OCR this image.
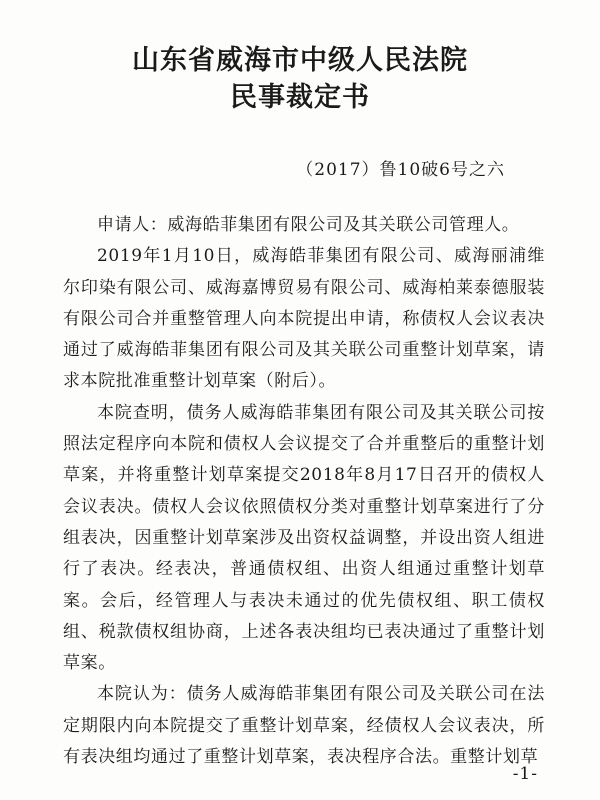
山东省威海市中级人民法院
民事裁定书
（2017）鲁10破6号之六

申请人：威海皓菲集团有限公司及其关联公司管理人。

2019年1月10日，威海皓菲集团有限公司、威海丽浦维尔印染有限公司、威海嘉博贸易有限公司、威海柏莱泰德服装有限公司合并重整管理人向本院提出申请，称债权人会议表决通过了威海皓菲集团有限公司及其关联公司重整计划草案，请求本院批准重整计划草案（附后）。

本院查明，债务人威海皓菲集团有限公司及其关联公司按照法定程序向本院和债权人会议提交了合并重整后的重整计划草案，并将重整计划草案提交2018年8月17日召开的债权人会议表决。债权人会议依照债权分类对重整计划草案进行了分组表决，因重整计划草案涉及出资权益调整，并设出资人组进行了表决。经表决，普通债权组、出资人组通过重整计划草案。会后，经管理人与表决未通过的优先债权组、职工债权组、税款债权组协商，上述各表决组均已表决通过了重整计划草案。

本院认为：债务人威海皓菲集团有限公司及关联公司在法定期限内向本院提交了重整计划草案，经债权人会议表决，所有表决组均通过了重整计划草案，表决程序合法。重整计划草

-1-
